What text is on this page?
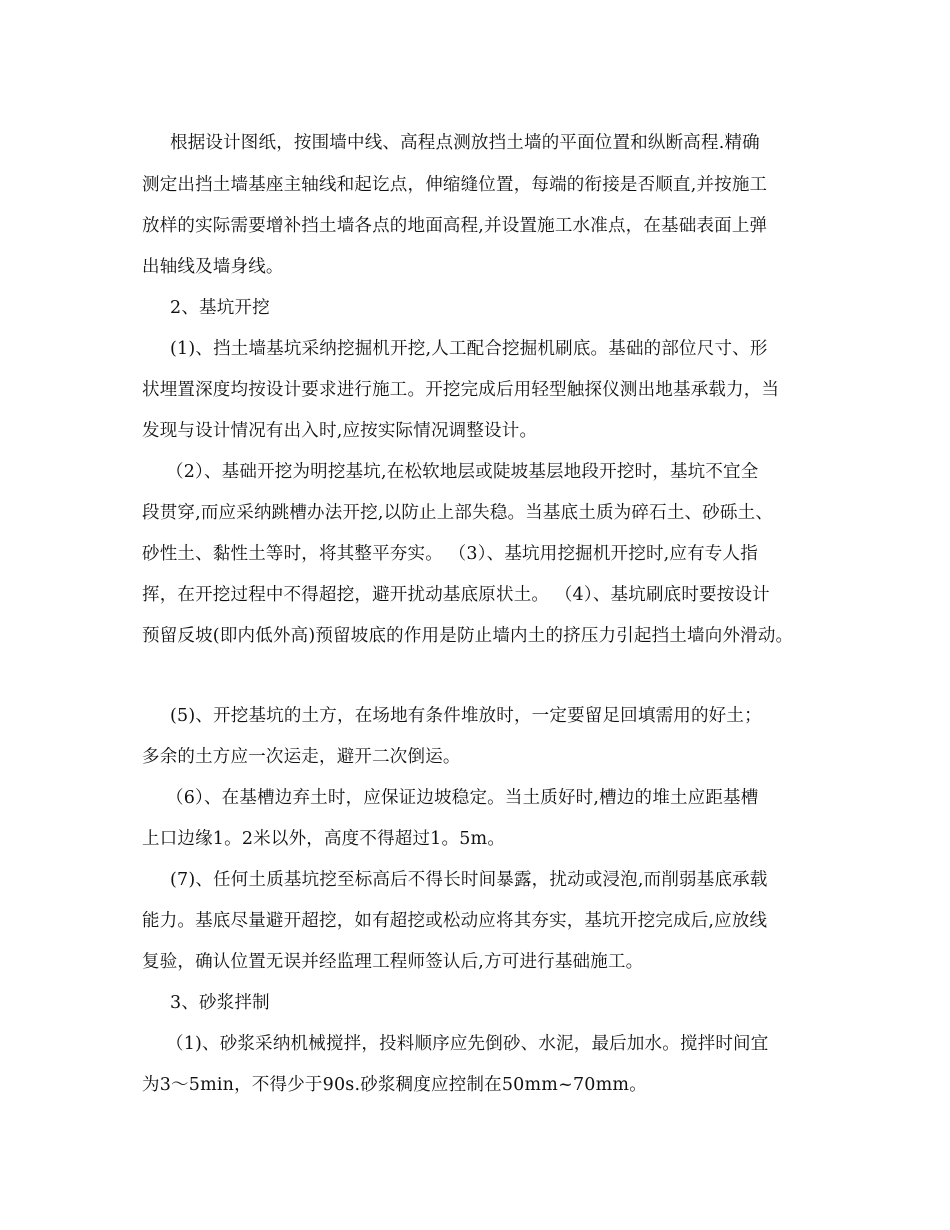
根据设计图纸，按围墙中线、高程点测放挡土墙的平面位置和纵断高程.精确
测定出挡土墙基座主轴线和起讫点，伸缩缝位置，每端的衔接是否顺直,并按施工
放样的实际需要增补挡土墙各点的地面高程,并设置施工水准点，在基础表面上弹
出轴线及墙身线。
2、基坑开挖
(1)、挡土墙基坑采纳挖掘机开挖,人工配合挖掘机刷底。基础的部位尺寸、形
状埋置深度均按设计要求进行施工。开挖完成后用轻型触探仪测出地基承载力，当
发现与设计情况有出入时,应按实际情况调整设计。
（2）、基础开挖为明挖基坑,在松软地层或陡坡基层地段开挖时，基坑不宜全
段贯穿,而应采纳跳槽办法开挖,以防止上部失稳。当基底土质为碎石土、砂砾土、
砂性土、黏性土等时，将其整平夯实。 （3）、基坑用挖掘机开挖时,应有专人指
挥，在开挖过程中不得超挖，避开扰动基底原状土。 （4）、基坑刷底时要按设计
预留反坡(即内低外高)预留坡底的作用是防止墙内土的挤压力引起挡土墙向外滑动。
(5)、开挖基坑的土方，在场地有条件堆放时，一定要留足回填需用的好土；
多余的土方应一次运走，避开二次倒运。
（6）、在基槽边弃土时，应保证边坡稳定。当土质好时,槽边的堆土应距基槽
上口边缘1。2米以外，高度不得超过1。5m。
(7)、任何土质基坑挖至标高后不得长时间暴露，扰动或浸泡,而削弱基底承载
能力。基底尽量避开超挖，如有超挖或松动应将其夯实，基坑开挖完成后,应放线
复验，确认位置无误并经监理工程师签认后,方可进行基础施工。
3、砂浆拌制
（1)、砂浆采纳机械搅拌，投料顺序应先倒砂、水泥，最后加水。搅拌时间宜
为3～5min，不得少于90s.砂浆稠度应控制在50mm~70mm。
